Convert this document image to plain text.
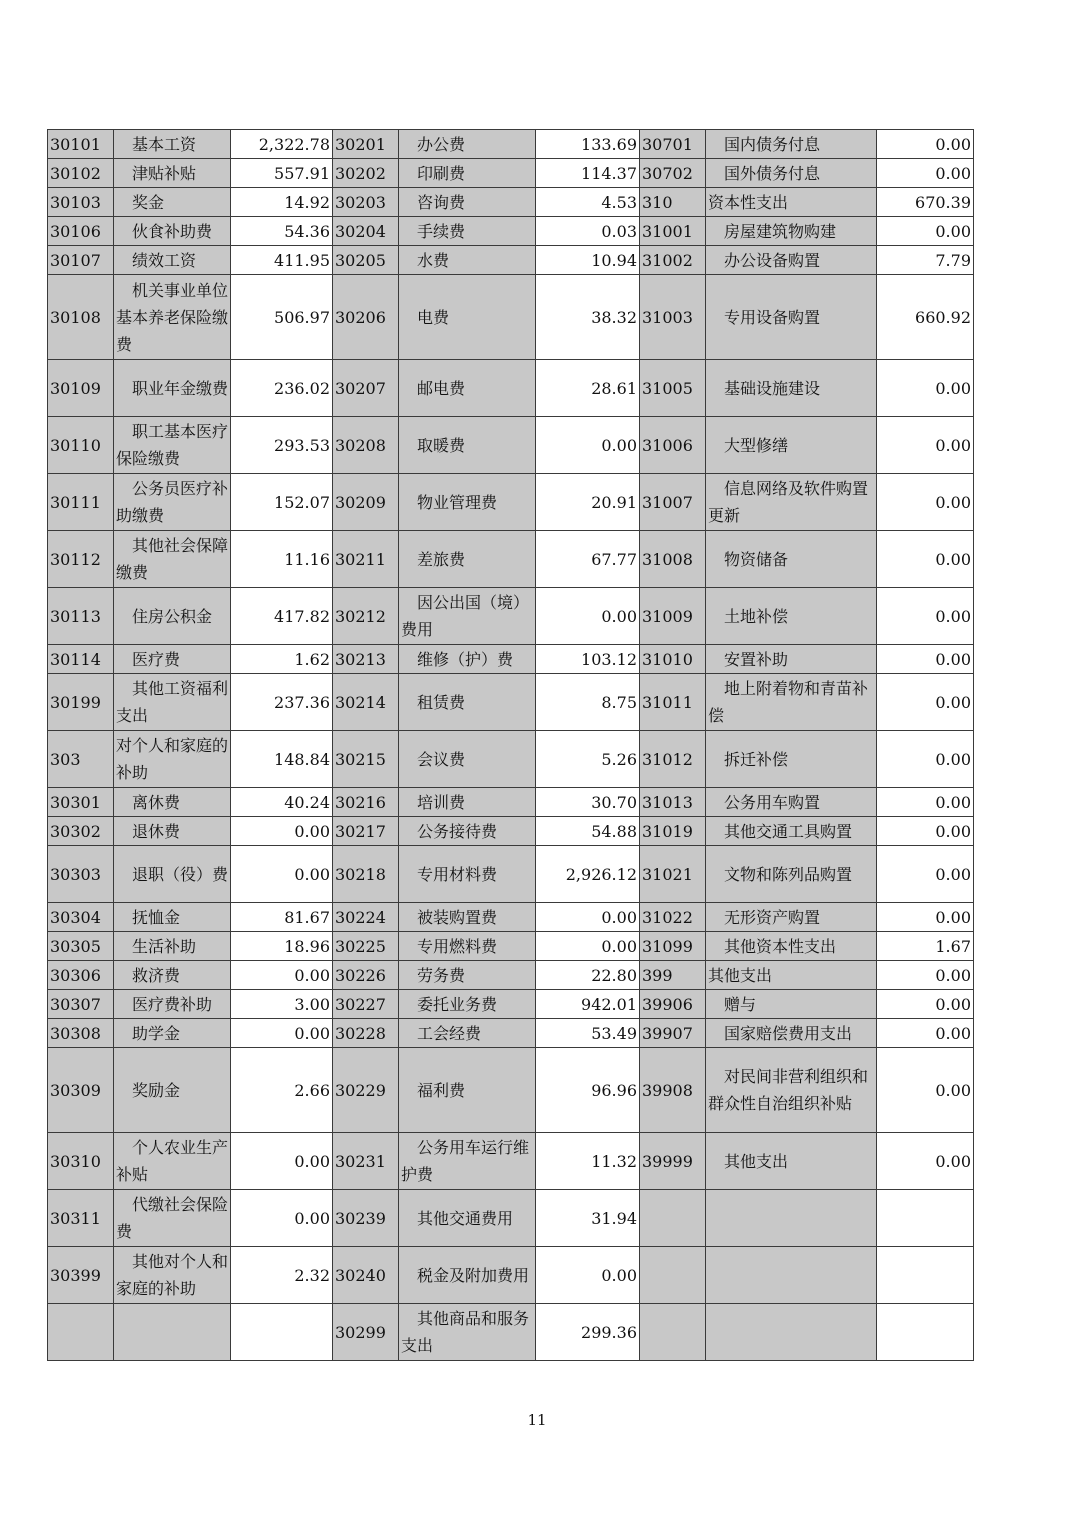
30101	基本工资	2,322.78	30201	办公费	133.69	30701	国内债务付息	0.00
30102	津贴补贴	557.91	30202	印刷费	114.37	30702	国外债务付息	0.00
30103	奖金	14.92	30203	咨询费	4.53	310	资本性支出	670.39
30106	伙食补助费	54.36	30204	手续费	0.03	31001	房屋建筑物购建	0.00
30107	绩效工资	411.95	30205	水费	10.94	31002	办公设备购置	7.79
30108	机关事业单位基本养老保险缴费	506.97	30206	电费	38.32	31003	专用设备购置	660.92
30109	职业年金缴费	236.02	30207	邮电费	28.61	31005	基础设施建设	0.00
30110	职工基本医疗保险缴费	293.53	30208	取暖费	0.00	31006	大型修缮	0.00
30111	公务员医疗补助缴费	152.07	30209	物业管理费	20.91	31007	信息网络及软件购置更新	0.00
30112	其他社会保障缴费	11.16	30211	差旅费	67.77	31008	物资储备	0.00
30113	住房公积金	417.82	30212	因公出国（境）费用	0.00	31009	土地补偿	0.00
30114	医疗费	1.62	30213	维修（护）费	103.12	31010	安置补助	0.00
30199	其他工资福利支出	237.36	30214	租赁费	8.75	31011	地上附着物和青苗补偿	0.00
303	对个人和家庭的补助	148.84	30215	会议费	5.26	31012	拆迁补偿	0.00
30301	离休费	40.24	30216	培训费	30.70	31013	公务用车购置	0.00
30302	退休费	0.00	30217	公务接待费	54.88	31019	其他交通工具购置	0.00
30303	退职（役）费	0.00	30218	专用材料费	2,926.12	31021	文物和陈列品购置	0.00
30304	抚恤金	81.67	30224	被装购置费	0.00	31022	无形资产购置	0.00
30305	生活补助	18.96	30225	专用燃料费	0.00	31099	其他资本性支出	1.67
30306	救济费	0.00	30226	劳务费	22.80	399	其他支出	0.00
30307	医疗费补助	3.00	30227	委托业务费	942.01	39906	赠与	0.00
30308	助学金	0.00	30228	工会经费	53.49	39907	国家赔偿费用支出	0.00
30309	奖励金	2.66	30229	福利费	96.96	39908	对民间非营利组织和群众性自治组织补贴	0.00
30310	个人农业生产补贴	0.00	30231	公务用车运行维护费	11.32	39999	其他支出	0.00
30311	代缴社会保险费	0.00	30239	其他交通费用	31.94			
30399	其他对个人和家庭的补助	2.32	30240	税金及附加费用	0.00			
			30299	其他商品和服务支出	299.36			
11
